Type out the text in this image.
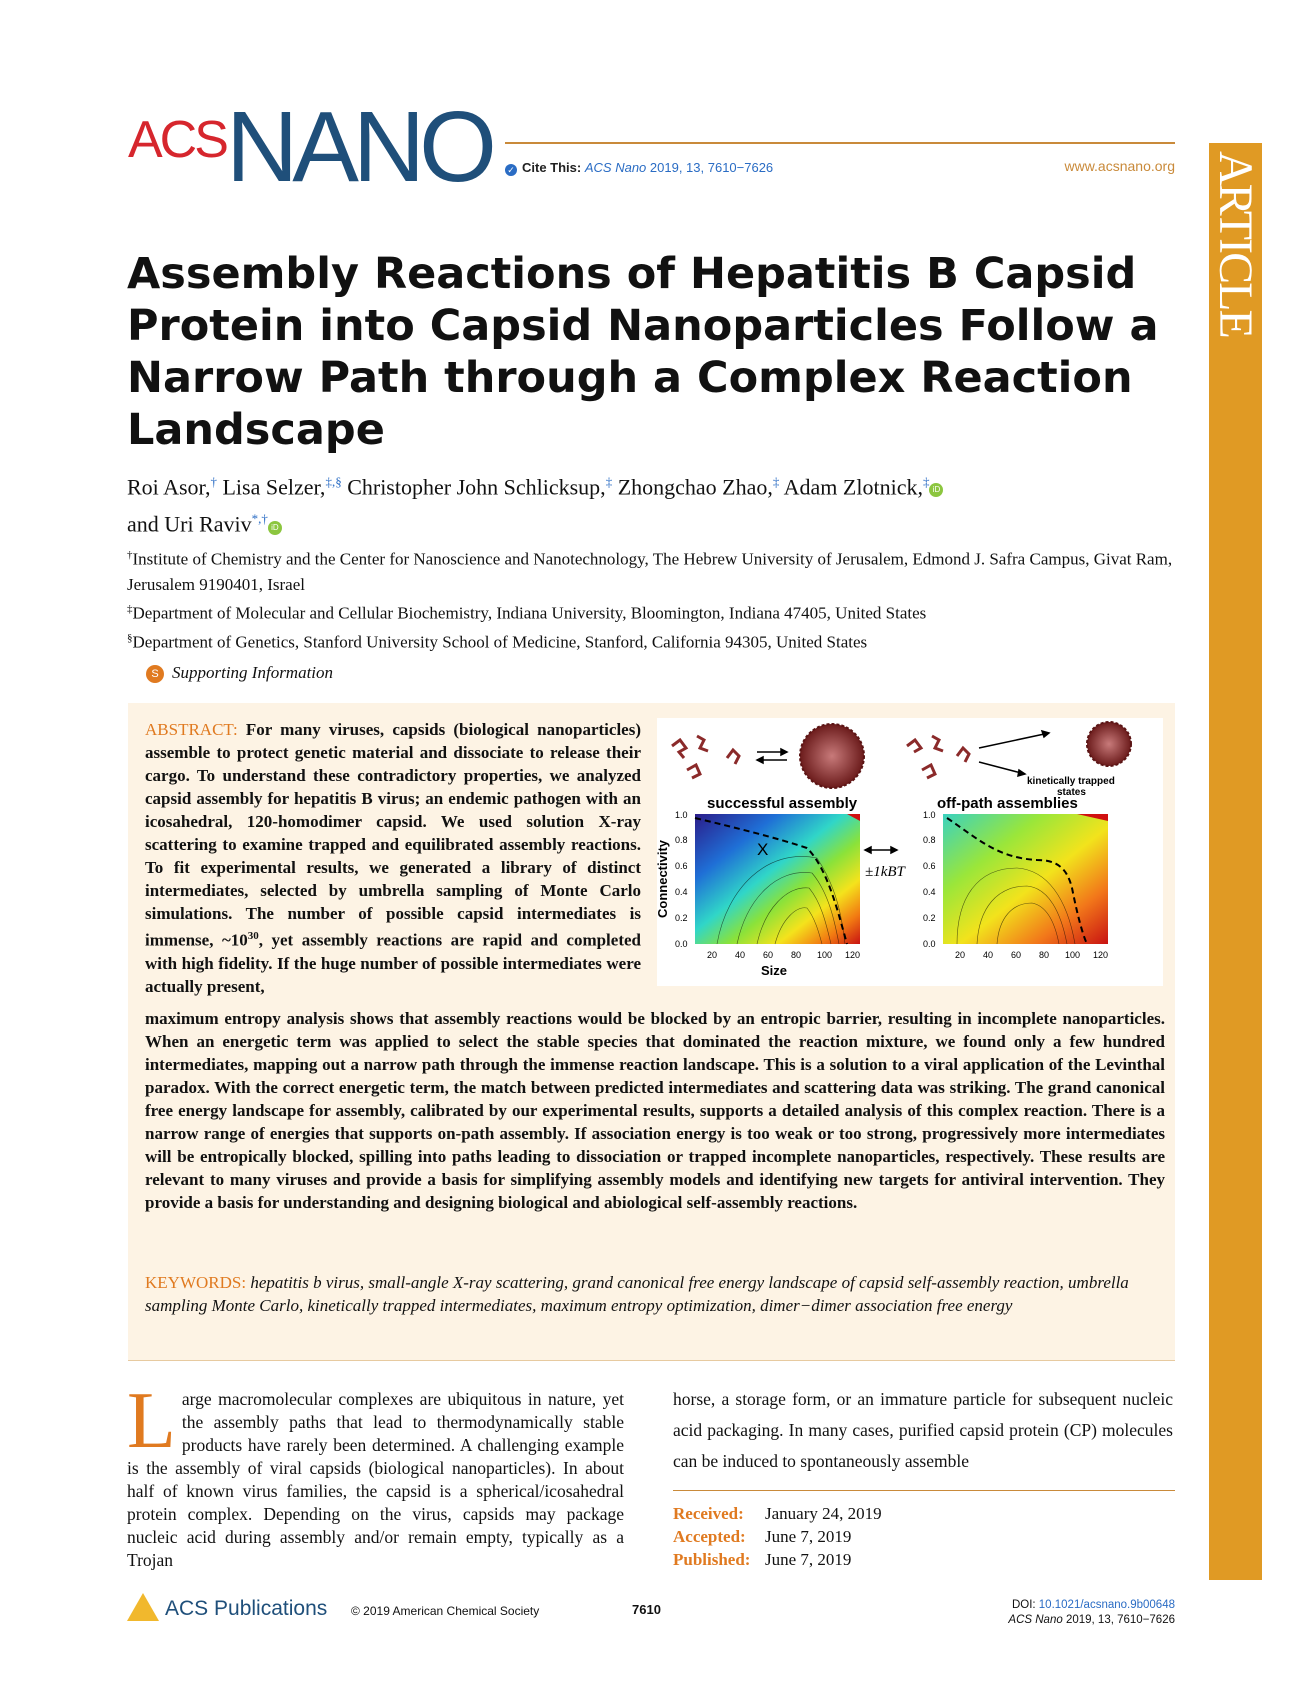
ACS NANO ✓ Cite This: ACS Nano 2019, 13, 7610−7626	www.acsnano.org ARTICLE
Assembly Reactions of Hepatitis B Capsid Protein into Capsid Nanoparticles Follow a Narrow Path through a Complex Reaction Landscape
Roi Asor,† Lisa Selzer,‡,§ Christopher John Schlicksup,‡ Zhongchao Zhao,‡ Adam Zlotnick,‡iD
and Uri Raviv*,†iD
†Institute of Chemistry and the Center for Nanoscience and Nanotechnology, The Hebrew University of Jerusalem, Edmond J. Safra Campus, Givat Ram, Jerusalem 9190401, Israel
‡Department of Molecular and Cellular Biochemistry, Indiana University, Bloomington, Indiana 47405, United States
§Department of Genetics, Stanford University School of Medicine, Stanford, California 94305, United States
S Supporting Information
ABSTRACT: For many viruses, capsids (biological nanoparticles) assemble to protect genetic material and dissociate to release their cargo. To understand these contradictory properties, we analyzed capsid assembly for hepatitis B virus; an endemic pathogen with an icosahedral, 120-homodimer capsid. We used solution X-ray scattering to examine trapped and equilibrated assembly reactions. To fit experimental results, we generated a library of distinct intermediates, selected by umbrella sampling of Monte Carlo simulations. The number of possible capsid intermediates is immense, $\sim 10^{30}$, yet assembly reactions are rapid and completed with high fidelity. If the huge number of possible intermediates were actually present,
maximum entropy analysis shows that assembly reactions would be blocked by an entropic barrier, resulting in incomplete nanoparticles. When an energetic term was applied to select the stable species that dominated the reaction mixture, we found only a few hundred intermediates, mapping out a narrow path through the immense reaction landscape. This is a solution to a viral application of the Levinthal paradox. With the correct energetic term, the match between predicted intermediates and scattering data was striking. The grand canonical free energy landscape for assembly, calibrated by our experimental results, supports a detailed analysis of this complex reaction. There is a narrow range of energies that supports on-path assembly. If association energy is too weak or too strong, progressively more intermediates will be entropically blocked, spilling into paths leading to dissociation or trapped incomplete nanoparticles, respectively. These results are relevant to many viruses and provide a basis for simplifying assembly models and identifying new targets for antiviral intervention. They provide a basis for understanding and designing biological and abiological self-assembly reactions.
KEYWORDS: hepatitis b virus, small-angle X-ray scattering, grand canonical free energy landscape of capsid self-assembly reaction, umbrella sampling Monte Carlo, kinetically trapped intermediates, maximum entropy optimization, dimer−dimer association free energy
kinetically trapped
states
successful assembly	off-path assemblies
X
±1kBT
Connectivity
1.0
0.8
0.6
0.4
0.2
0.0
1.0
0.8
0.6
0.4
0.2
0.0
20 40 60 80 100 120	20 40 60 80 100 120
Size
Large macromolecular complexes are ubiquitous in nature, yet the assembly paths that lead to thermodynamically stable products have rarely been determined. A challenging example is the assembly of viral capsids (biological nanoparticles). In about half of known virus families, the capsid is a spherical/icosahedral protein complex. Depending on the virus, capsids may package nucleic acid during assembly and/or remain empty, typically as a Trojan
horse, a storage form, or an immature particle for subsequent nucleic acid packaging. In many cases, purified capsid protein (CP) molecules can be induced to spontaneously assemble
Received: January 24, 2019
Accepted: June 7, 2019
Published: June 7, 2019
ACS Publications © 2019 American Chemical Society	7610	DOI: 10.1021/acsnano.9b00648
ACS Nano 2019, 13, 7610−7626
